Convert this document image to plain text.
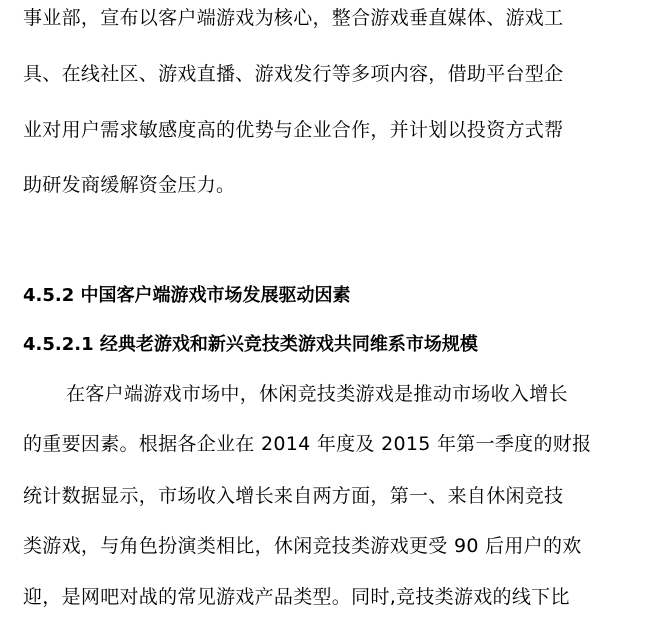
事业部，宣布以客户端游戏为核心，整合游戏垂直媒体、游戏工
具、在线社区、游戏直播、游戏发行等多项内容，借助平台型企
业对用户需求敏感度高的优势与企业合作，并计划以投资方式帮
助研发商缓解资金压力。
4.5.2 中国客户端游戏市场发展驱动因素
4.5.2.1 经典老游戏和新兴竞技类游戏共同维系市场规模
在客户端游戏市场中，休闲竞技类游戏是推动市场收入增长
的重要因素。根据各企业在 2014 年度及 2015 年第一季度的财报
统计数据显示，市场收入增长来自两方面，第一、来自休闲竞技
类游戏，与角色扮演类相比，休闲竞技类游戏更受 90 后用户的欢
迎，是网吧对战的常见游戏产品类型。同时,竞技类游戏的线下比
